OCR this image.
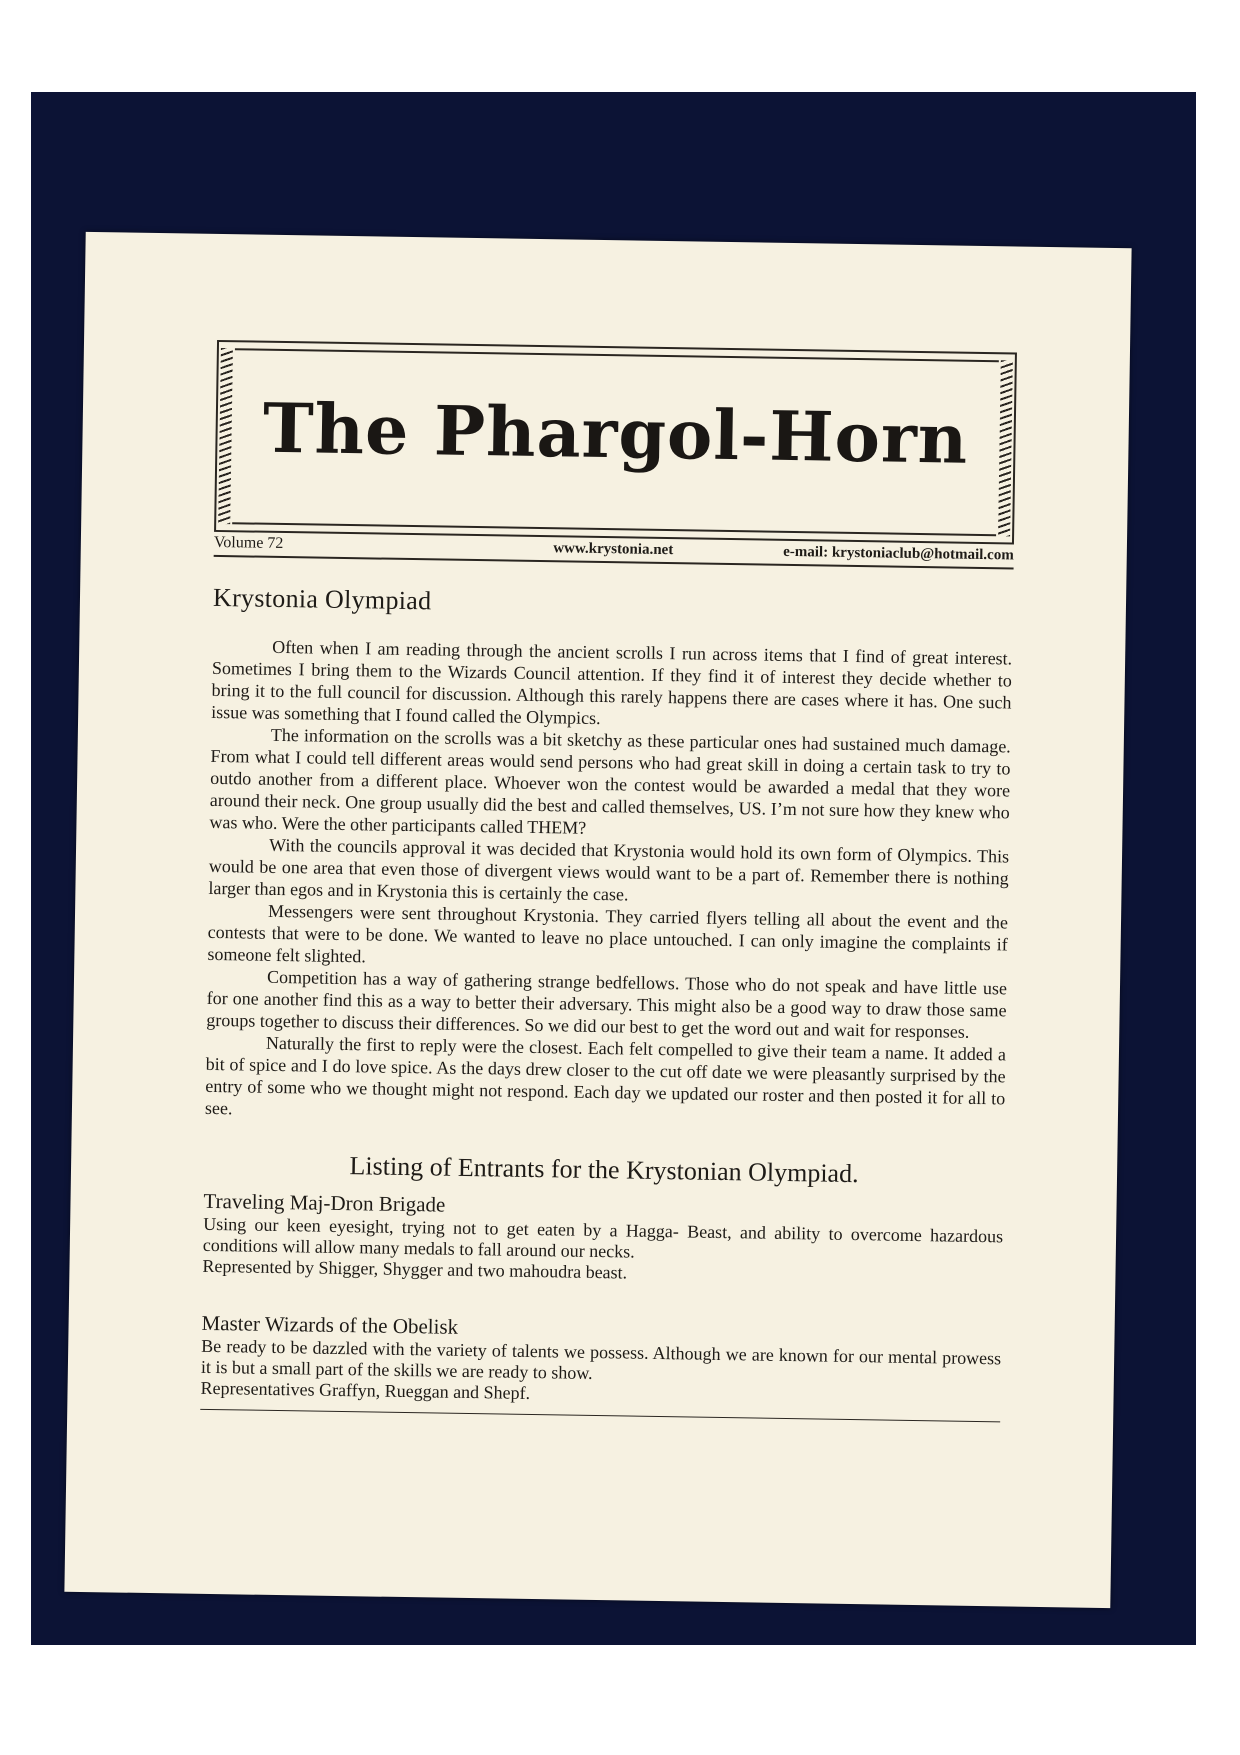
The Phargol-Horn
Volume 72	www.krystonia.net	e-mail: krystoniaclub@hotmail.com
Krystonia Olympiad

Often when I am reading through the ancient scrolls I run across items that I find of great interest. Sometimes I bring them to the Wizards Council attention. If they find it of interest they decide whether to bring it to the full council for discussion. Although this rarely happens there are cases where it has. One such issue was something that I found called the Olympics.

The information on the scrolls was a bit sketchy as these particular ones had sustained much damage. From what I could tell different areas would send persons who had great skill in doing a certain task to try to outdo another from a different place. Whoever won the contest would be awarded a medal that they wore around their neck. One group usually did the best and called themselves, US. I’m not sure how they knew who was who. Were the other participants called THEM?

With the councils approval it was decided that Krystonia would hold its own form of Olympics. This would be one area that even those of divergent views would want to be a part of. Remember there is nothing larger than egos and in Krystonia this is certainly the case.

Messengers were sent throughout Krystonia. They carried flyers telling all about the event and the contests that were to be done. We wanted to leave no place untouched. I can only imagine the complaints if someone felt slighted.

Competition has a way of gathering strange bedfellows. Those who do not speak and have little use for one another find this as a way to better their adversary. This might also be a good way to draw those same groups together to discuss their differences. So we did our best to get the word out and wait for responses.

Naturally the first to reply were the closest. Each felt compelled to give their team a name. It added a bit of spice and I do love spice. As the days drew closer to the cut off date we were pleasantly surprised by the entry of some who we thought might not respond. Each day we updated our roster and then posted it for all to see.

Listing of Entrants for the Krystonian Olympiad.
Traveling Maj-Dron Brigade

Using our keen eyesight, trying not to get eaten by a Hagga- Beast, and ability to overcome hazardous conditions will allow many medals to fall around our necks.

Represented by Shigger, Shygger and two mahoudra beast.

Master Wizards of the Obelisk

Be ready to be dazzled with the variety of talents we possess. Although we are known for our mental prowess it is but a small part of the skills we are ready to show.

Representatives Graffyn, Rueggan and Shepf.
